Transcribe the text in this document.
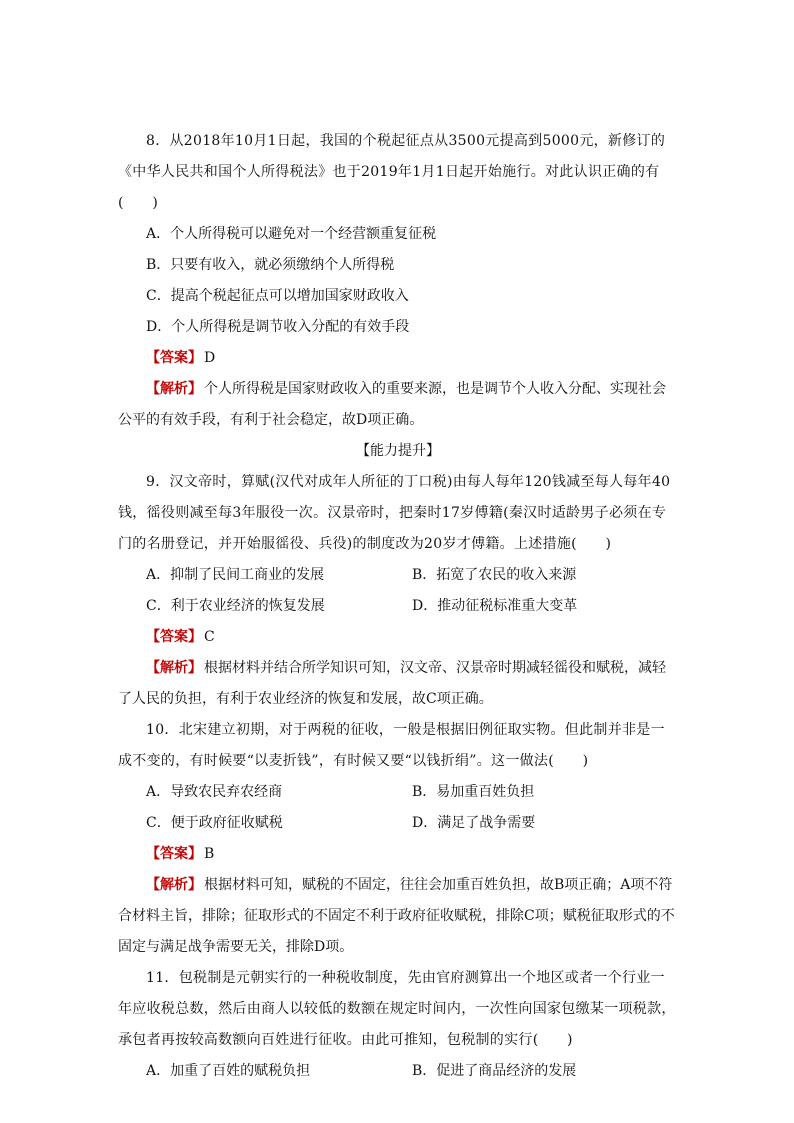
8．从2018年10月1日起，我国的个税起征点从3500元提高到5000元，新修订的《中华人民共和国个人所得税法》也于2019年1月1日起开始施行。对此认识正确的有(　　)
A．个人所得税可以避免对一个经营额重复征税
B．只要有收入，就必须缴纳个人所得税
C．提高个税起征点可以增加国家财政收入
D．个人所得税是调节收入分配的有效手段
【答案】 D
【解析】 个人所得税是国家财政收入的重要来源，也是调节个人收入分配、实现社会公平的有效手段，有利于社会稳定，故D项正确。
【能力提升】
9．汉文帝时，算赋(汉代对成年人所征的丁口税)由每人每年120钱减至每人每年40钱，徭役则减至每3年服役一次。汉景帝时，把秦时17岁傅籍(秦汉时适龄男子必须在专门的名册登记，并开始服徭役、兵役)的制度改为20岁才傅籍。上述措施(　　)
A．抑制了民间工商业的发展	B．拓宽了农民的收入来源
C．利于农业经济的恢复发展	D．推动征税标准重大变革
【答案】 C
【解析】 根据材料并结合所学知识可知，汉文帝、汉景帝时期减轻徭役和赋税，减轻了人民的负担，有利于农业经济的恢复和发展，故C项正确。
10．北宋建立初期，对于两税的征收，一般是根据旧例征取实物。但此制并非是一成不变的，有时候要“以麦折钱”，有时候又要“以钱折绢”。这一做法(　　)
A．导致农民弃农经商	B．易加重百姓负担
C．便于政府征收赋税	D．满足了战争需要
【答案】 B
【解析】 根据材料可知，赋税的不固定，往往会加重百姓负担，故B项正确；A项不符合材料主旨，排除；征取形式的不固定不利于政府征收赋税，排除C项；赋税征取形式的不固定与满足战争需要无关，排除D项。
11．包税制是元朝实行的一种税收制度，先由官府测算出一个地区或者一个行业一年应收税总数，然后由商人以较低的数额在规定时间内，一次性向国家包缴某一项税款，承包者再按较高数额向百姓进行征收。由此可推知，包税制的实行(　　)
A．加重了百姓的赋税负担	B．促进了商品经济的发展
